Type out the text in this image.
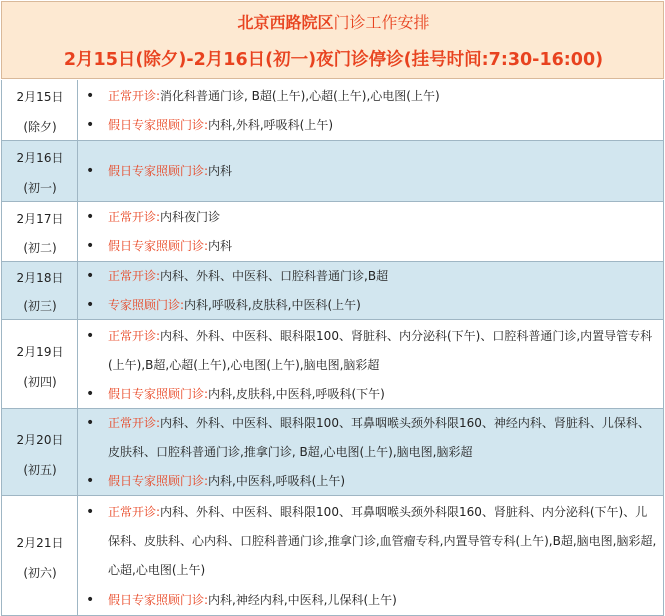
北京西路院区门诊工作安排
2月15日(除夕)-2月16日(初一)夜门诊停诊(挂号时间:7:30-16:00)
2月15日
(除夕)
•	正常开诊:消化科普通门诊, B超(上午),心超(上午),心电图(上午)
•	假日专家照顾门诊:内科,外科,呼吸科(上午)
2月16日
(初一)
•	假日专家照顾门诊:内科
2月17日
(初二)
•	正常开诊:内科夜门诊
•	假日专家照顾门诊:内科
2月18日
(初三)
•	正常开诊:内科、外科、中医科、口腔科普通门诊,B超
•	专家照顾门诊:内科,呼吸科,皮肤科,中医科(上午)
2月19日
(初四)
•	正常开诊:内科、外科、中医科、眼科限100、肾脏科、内分泌科(下午)、口腔科普通门诊,内置导管专科(上午),B超,心超(上午),心电图(上午),脑电图,脑彩超
•	假日专家照顾门诊:内科,皮肤科,中医科,呼吸科(下午)
2月20日
(初五)
•	正常开诊:内科、外科、中医科、眼科限100、耳鼻咽喉头颈外科限160、神经内科、肾脏科、儿保科、皮肤科、口腔科普通门诊,推拿门诊, B超,心电图(上午),脑电图,脑彩超
•	假日专家照顾门诊:内科,中医科,呼吸科(上午)
2月21日
(初六)
•	正常开诊:内科、外科、中医科、眼科限100、耳鼻咽喉头颈外科限160、肾脏科、内分泌科(下午)、儿保科、皮肤科、心内科、口腔科普通门诊,推拿门诊,血管瘤专科,内置导管专科(上午),B超,脑电图,脑彩超,心超,心电图(上午)
•	假日专家照顾门诊:内科,神经内科,中医科,儿保科(上午)
